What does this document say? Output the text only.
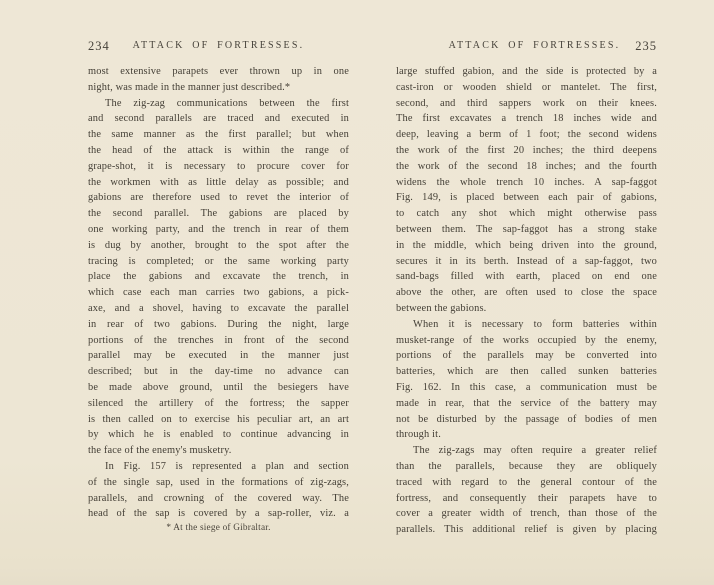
234	ATTACK OF FORTRESSES.
most extensive parapets ever thrown up in one
night, was made in the manner just described.*
The zig-zag communications between the first
and second parallels are traced and executed in
the same manner as the first parallel; but when
the head of the attack is within the range of
grape-shot, it is necessary to procure cover for
the workmen with as little delay as possible; and
gabions are therefore used to revet the interior of
the second parallel. The gabions are placed by
one working party, and the trench in rear of them
is dug by another, brought to the spot after the
tracing is completed; or the same working party
place the gabions and excavate the trench, in
which case each man carries two gabions, a pick-
axe, and a shovel, having to excavate the parallel
in rear of two gabions. During the night, large
portions of the trenches in front of the second
parallel may be executed in the manner just
described; but in the day-time no advance can
be made above ground, until the besiegers have
silenced the artillery of the fortress; the sapper
is then called on to exercise his peculiar art, an art
by which he is enabled to continue advancing in
the face of the enemy's musketry.
In Fig. 157 is represented a plan and section
of the single sap, used in the formations of zig-zags,
parallels, and crowning of the covered way. The
head of the sap is covered by a sap-roller, viz. a
* At the siege of Gibraltar.
ATTACK OF FORTRESSES.	235
large stuffed gabion, and the side is protected by a
cast-iron or wooden shield or mantelet. The first,
second, and third sappers work on their knees.
The first excavates a trench 18 inches wide and
deep, leaving a berm of 1 foot; the second widens
the work of the first 20 inches; the third deepens
the work of the second 18 inches; and the fourth
widens the whole trench 10 inches. A sap-faggot
Fig. 149, is placed between each pair of gabions,
to catch any shot which might otherwise pass
between them. The sap-faggot has a strong stake
in the middle, which being driven into the ground,
secures it in its berth. Instead of a sap-faggot, two
sand-bags filled with earth, placed on end one
above the other, are often used to close the space
between the gabions.
When it is necessary to form batteries within
musket-range of the works occupied by the enemy,
portions of the parallels may be converted into
batteries, which are then called sunken batteries
Fig. 162. In this case, a communication must be
made in rear, that the service of the battery may
not be disturbed by the passage of bodies of men
through it.
The zig-zags may often require a greater relief
than the parallels, because they are obliquely
traced with regard to the general contour of the
fortress, and consequently their parapets have to
cover a greater width of trench, than those of the
parallels. This additional relief is given by placing
